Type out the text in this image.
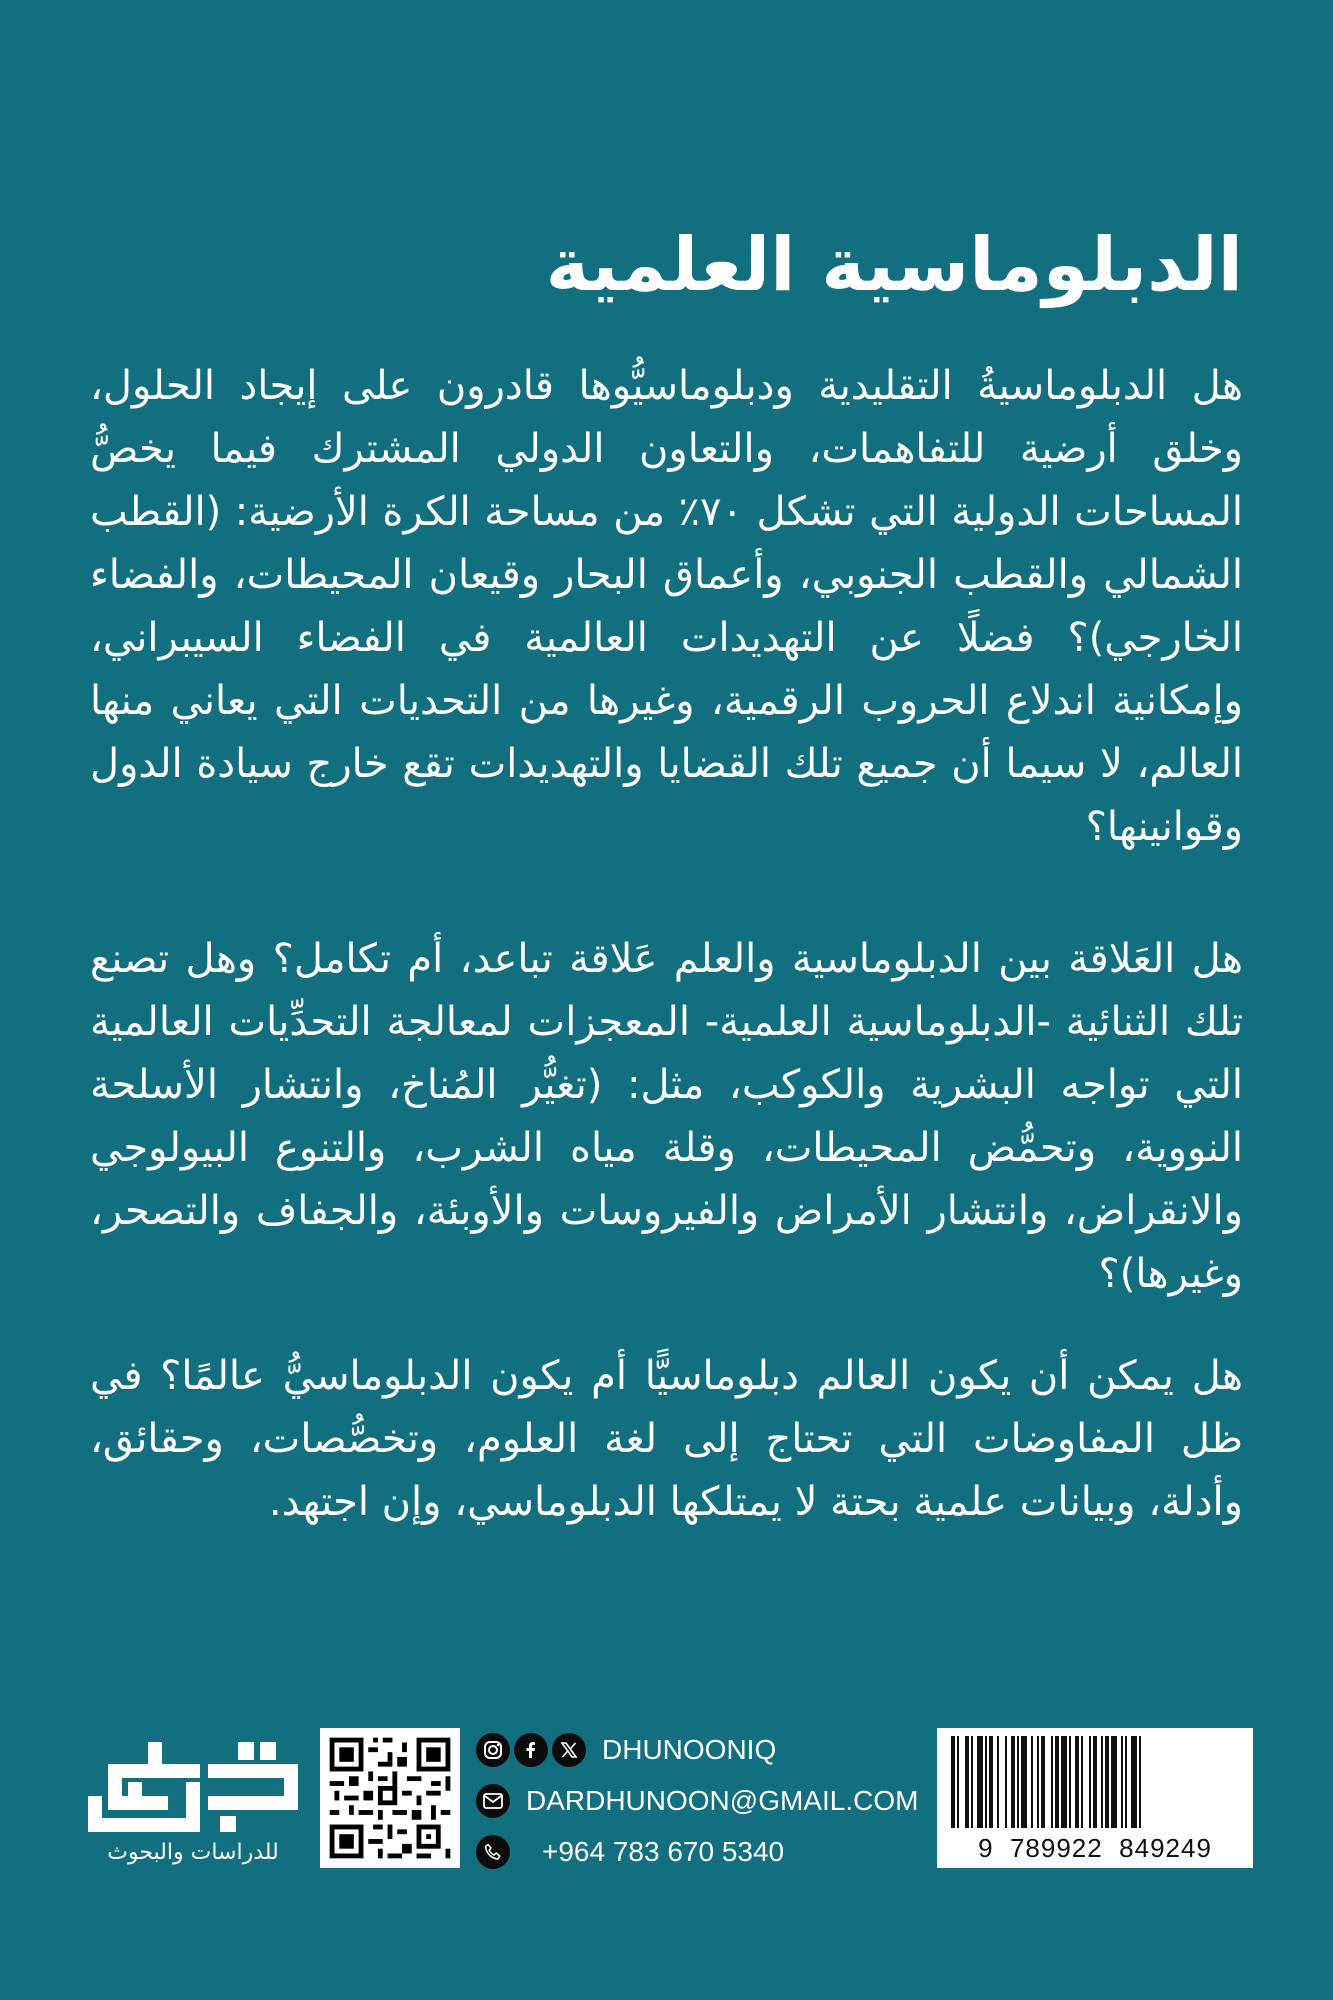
الدبلوماسية العلمية

هل الدبلوماسيةُ التقليدية ودبلوماسيُّوها قادرون على إيجاد الحلول، وخلق أرضية للتفاهمات، والتعاون الدولي المشترك فيما يخصُّ المساحات الدولية التي تشكل ٧٠٪ من مساحة الكرة الأرضية: (القطب الشمالي والقطب الجنوبي، وأعماق البحار وقيعان المحيطات، والفضاء الخارجي)؟ فضلًا عن التهديدات العالمية في الفضاء السيبراني، وإمكانية اندلاع الحروب الرقمية، وغيرها من التحديات التي يعاني منها العالم، لا سيما أن جميع تلك القضايا والتهديدات تقع خارج سيادة الدول وقوانينها؟

هل العَلاقة بين الدبلوماسية والعلم عَلاقة تباعد، أم تكامل؟ وهل تصنع تلك الثنائية -الدبلوماسية العلمية- المعجزات لمعالجة التحدِّيات العالمية التي تواجه البشرية والكوكب، مثل: (تغيُّر المُناخ، وانتشار الأسلحة النووية، وتحمُّض المحيطات، وقلة مياه الشرب، والتنوع البيولوجي والانقراض، وانتشار الأمراض والفيروسات والأوبئة، والجفاف والتصحر، وغيرها)؟

هل يمكن أن يكون العالم دبلوماسيًّا أم يكون الدبلوماسيُّ عالمًا؟ في ظل المفاوضات التي تحتاج إلى لغة العلوم، وتخصُّصات، وحقائق، وأدلة، وبيانات علمية بحتة لا يمتلكها الدبلوماسي، وإن اجتهد.

للدراسات والبحوث
DHUNOONIQ
DARDHUNOON@GMAIL.COM
+964 783 670 5340	9  789922  849249
